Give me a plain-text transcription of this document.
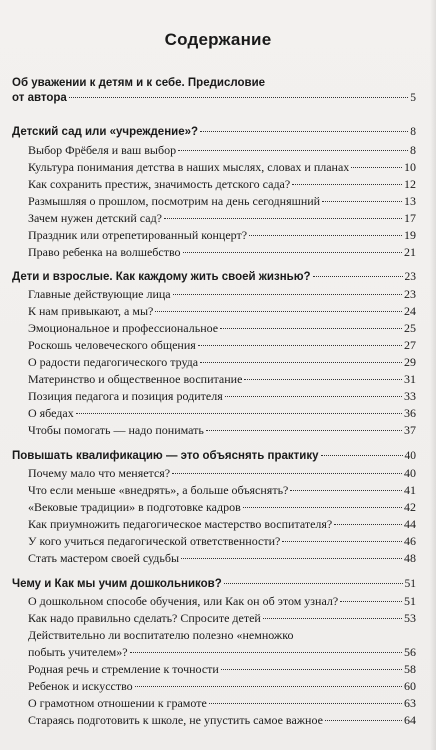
Содержание
Об уважении к детям и к себе. Предисловие
от автора	5
Детский сад или «учреждение»?	8
Выбор Фрёбеля и ваш выбор	8
Культура понимания детства в наших мыслях, словах и планах	10
Как сохранить престиж, значимость детского сада?	12
Размышляя о прошлом, посмотрим на день сегодняшний	13
Зачем нужен детский сад?	17
Праздник или отрепетированный концерт?	19
Право ребенка на волшебство	21
Дети и взрослые. Как каждому жить своей жизнью?	23
Главные действующие лица	23
К нам привыкают, а мы?	24
Эмоциональное и профессиональное	25
Роскошь человеческого общения	27
О радости педагогического труда	29
Материнство и общественное воспитание	31
Позиция педагога и позиция родителя	33
О ябедах	36
Чтобы помогать — надо понимать	37
Повышать квалификацию — это объяснять практику	40
Почему мало что меняется?	40
Что если меньше «внедрять», а больше объяснять?	41
«Вековые традиции» в подготовке кадров	42
Как приумножить педагогическое мастерство воспитателя?	44
У кого учиться педагогической ответственности?	46
Стать мастером своей судьбы	48
Чему и Как мы учим дошкольников?	51
О дошкольном способе обучения, или Как он об этом узнал?	51
Как надо правильно сделать? Спросите детей	53
Действительно ли воспитателю полезно «немножко
побыть учителем»?	56
Родная речь и стремление к точности	58
Ребенок и искусство	60
О грамотном отношении к грамоте	63
Стараясь подготовить к школе, не упустить самое важное	64
